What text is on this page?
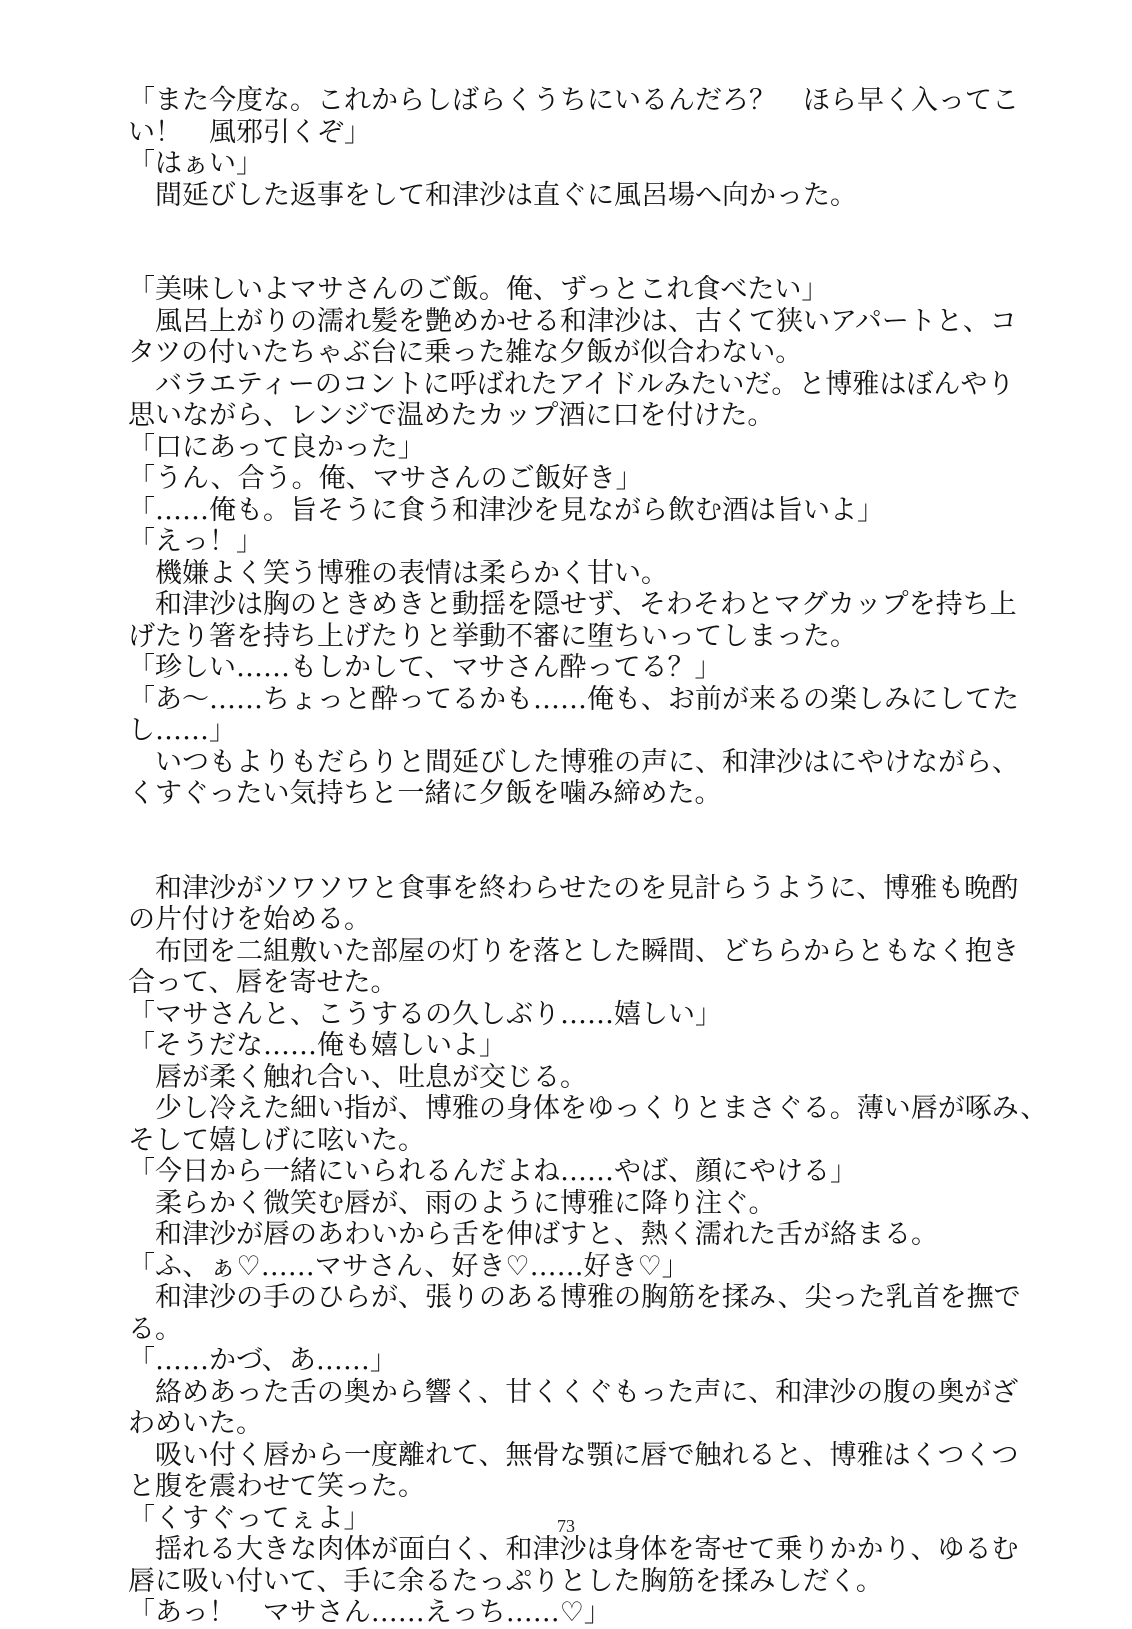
「また今度な。これからしばらくうちにいるんだろ？　ほら早く入ってこ
い！　風邪引くぞ」
「はぁい」
　間延びした返事をして和津沙は直ぐに風呂場へ向かった。
「美味しいよマサさんのご飯。俺、ずっとこれ食べたい」
　風呂上がりの濡れ髪を艶めかせる和津沙は、古くて狭いアパートと、コ
タツの付いたちゃぶ台に乗った雑な夕飯が似合わない。
　バラエティーのコントに呼ばれたアイドルみたいだ。と博雅はぼんやり
思いながら、レンジで温めたカップ酒に口を付けた。
「口にあって良かった」
「うん、合う。俺、マサさんのご飯好き」
「……俺も。旨そうに食う和津沙を見ながら飲む酒は旨いよ」
「えっ！」
　機嫌よく笑う博雅の表情は柔らかく甘い。
　和津沙は胸のときめきと動揺を隠せず、そわそわとマグカップを持ち上
げたり箸を持ち上げたりと挙動不審に堕ちいってしまった。
「珍しい……もしかして、マサさん酔ってる？」
「あ〜……ちょっと酔ってるかも……俺も、お前が来るの楽しみにしてた
し……」
　いつもよりもだらりと間延びした博雅の声に、和津沙はにやけながら、
くすぐったい気持ちと一緒に夕飯を噛み締めた。
　和津沙がソワソワと食事を終わらせたのを見計らうように、博雅も晩酌
の片付けを始める。
　布団を二組敷いた部屋の灯りを落とした瞬間、どちらからともなく抱き
合って、唇を寄せた。
「マサさんと、こうするの久しぶり……嬉しい」
「そうだな……俺も嬉しいよ」
　唇が柔く触れ合い、吐息が交じる。
　少し冷えた細い指が、博雅の身体をゆっくりとまさぐる。薄い唇が啄み、
そして嬉しげに呟いた。
「今日から一緒にいられるんだよね……やば、顔にやける」
　柔らかく微笑む唇が、雨のように博雅に降り注ぐ。
　和津沙が唇のあわいから舌を伸ばすと、熱く濡れた舌が絡まる。
「ふ、ぁ♡……マサさん、好き♡……好き♡」
　和津沙の手のひらが、張りのある博雅の胸筋を揉み、尖った乳首を撫で
る。
「……かづ、あ……」
　絡めあった舌の奥から響く、甘くくぐもった声に、和津沙の腹の奥がざ
わめいた。
　吸い付く唇から一度離れて、無骨な顎に唇で触れると、博雅はくつくつ
と腹を震わせて笑った。
「くすぐってぇよ」
　揺れる大きな肉体が面白く、和津沙は身体を寄せて乗りかかり、ゆるむ
唇に吸い付いて、手に余るたっぷりとした胸筋を揉みしだく。
「あっ！　マサさん……えっち……♡」
73
